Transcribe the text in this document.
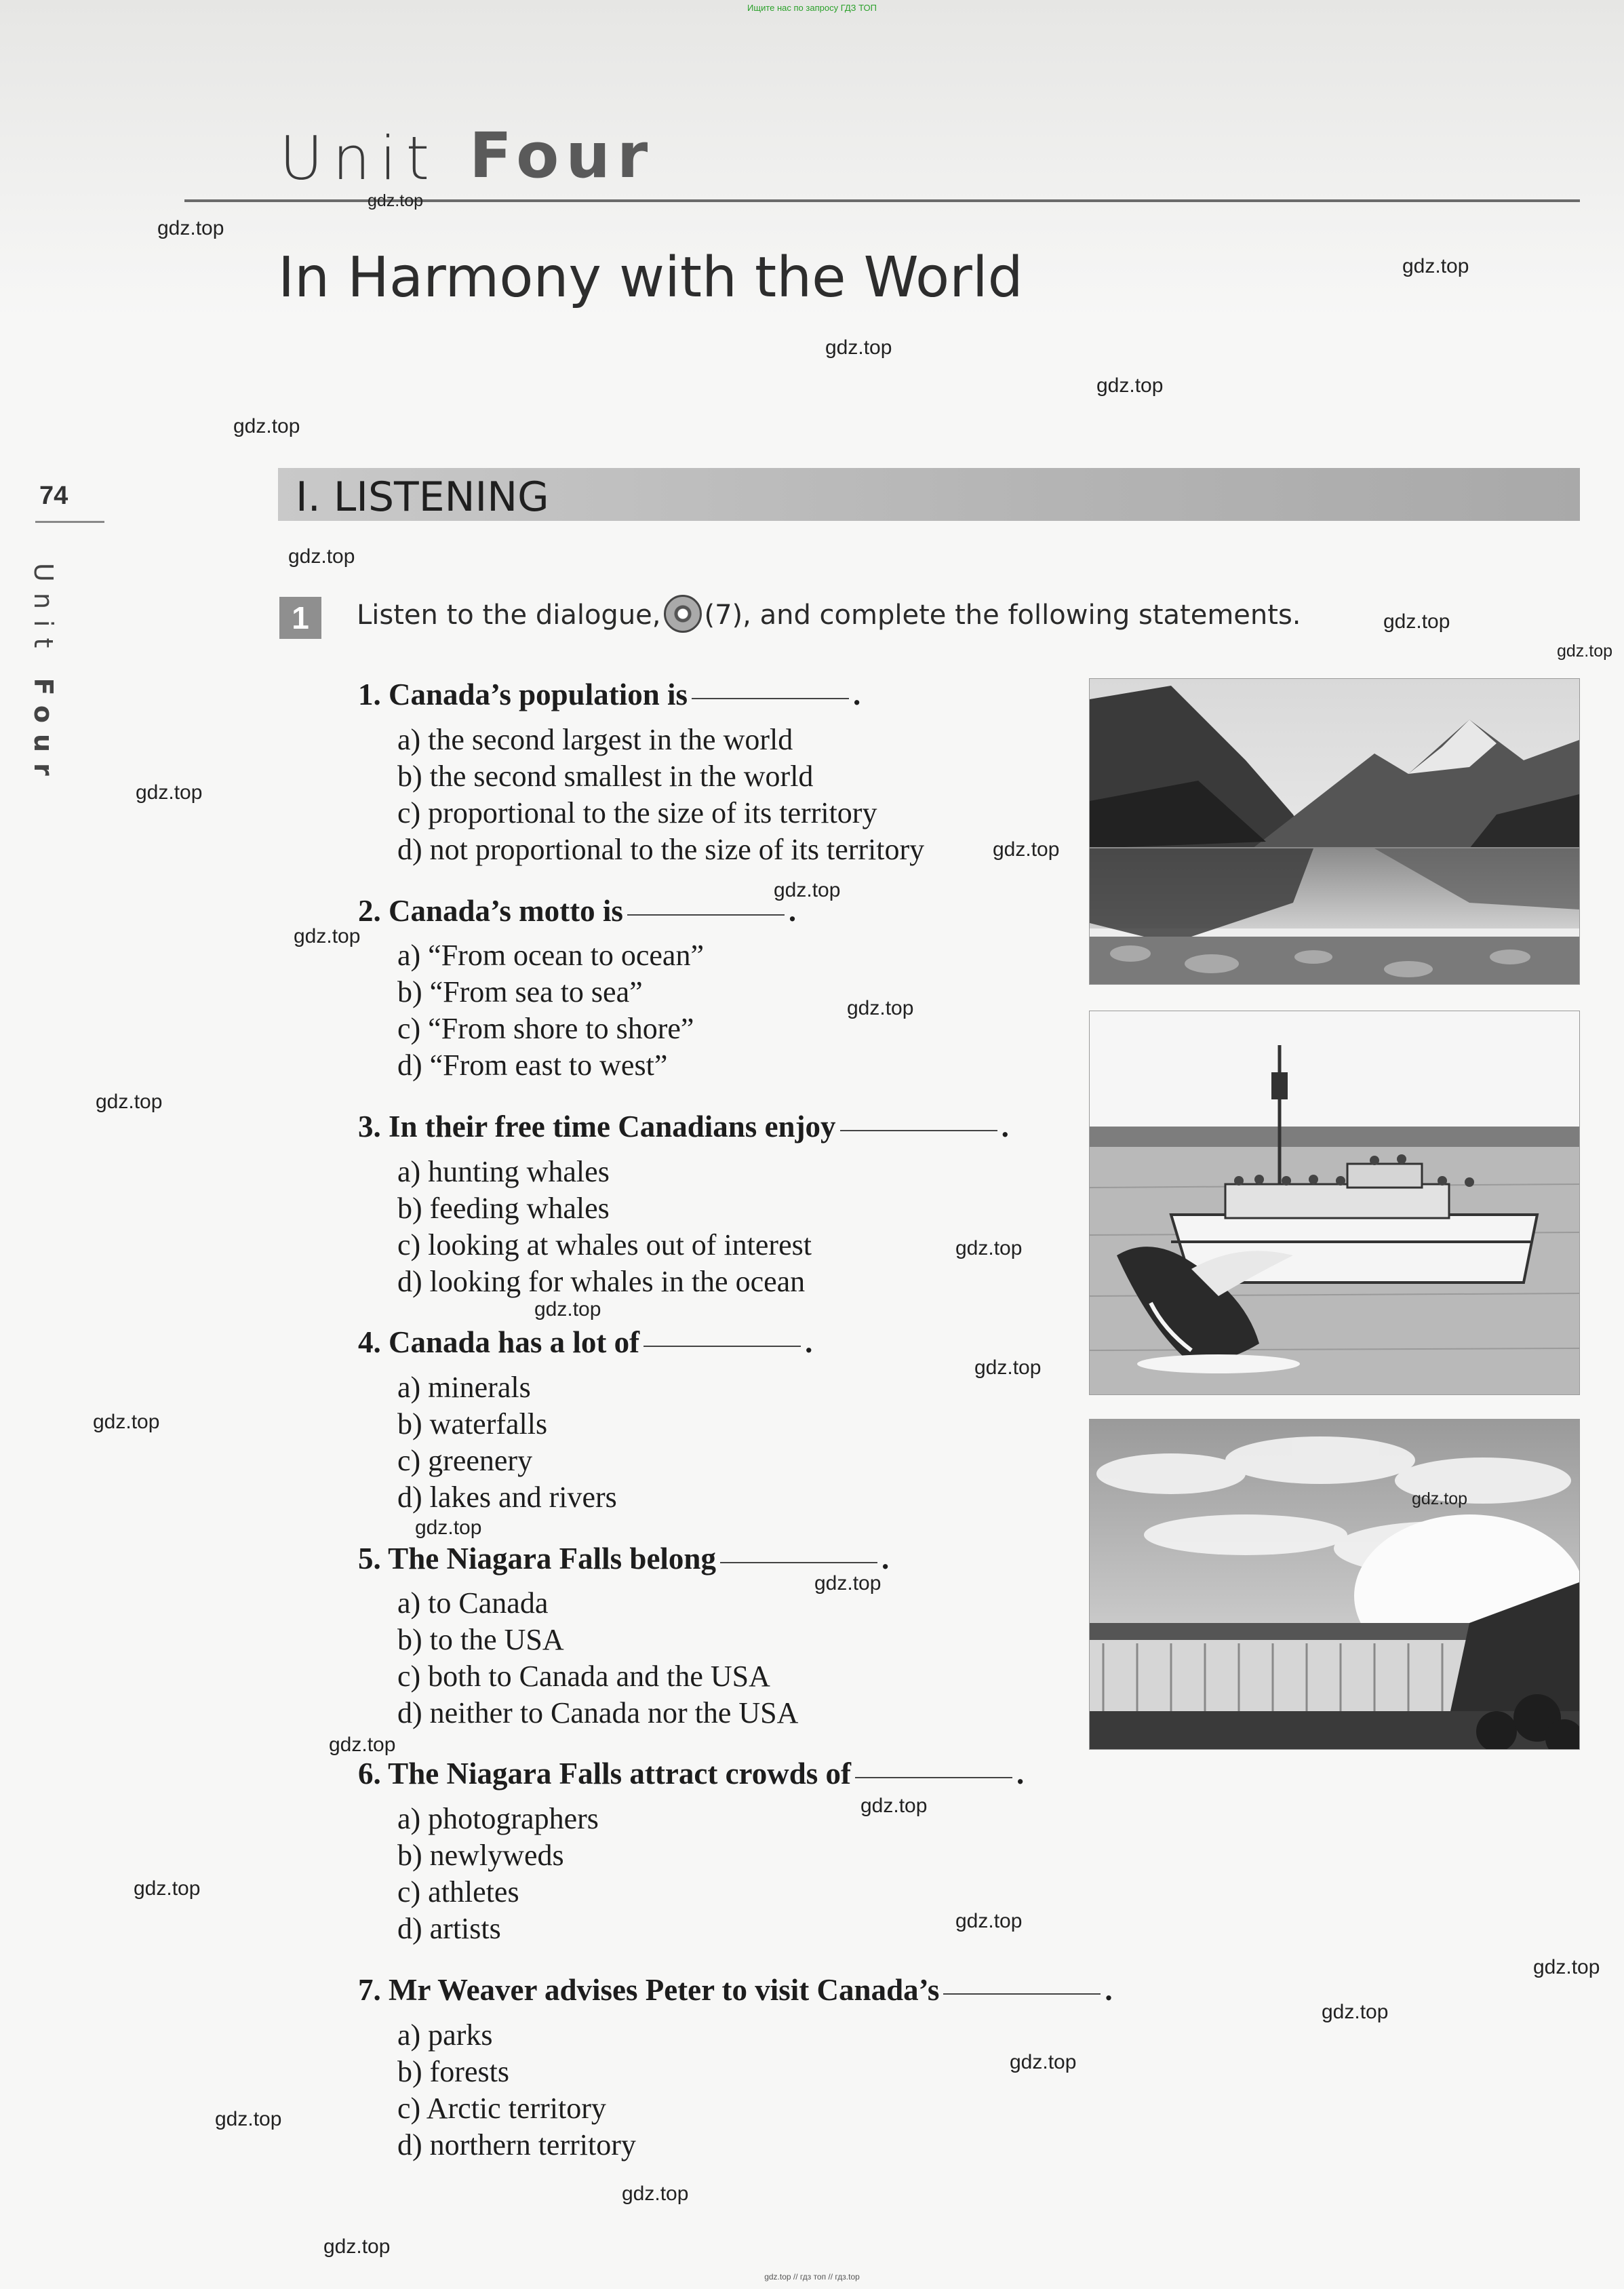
Ищите нас по запросу ГДЗ ТОП
Unit Four
In Harmony with the World
74
Unit Four
I. LISTENING
1	Listen to the dialogue, (7), and complete the following statements.
1. Canada’s population is	.
a) the second largest in the world
b) the second smallest in the world
c) proportional to the size of its territory
d) not proportional to the size of its territory
2. Canada’s motto is	.
a) “From ocean to ocean”
b) “From sea to sea”
c) “From shore to shore”
d) “From east to west”
3. In their free time Canadians enjoy	.
a) hunting whales
b) feeding whales
c) looking at whales out of interest
d) looking for whales in the ocean
4. Canada has a lot of	.
a) minerals
b) waterfalls
c) greenery
d) lakes and rivers
5. The Niagara Falls belong	.
a) to Canada
b) to the USA
c) both to Canada and the USA
d) neither to Canada nor the USA
6. The Niagara Falls attract crowds of	.
a) photographers
b) newlyweds
c) athletes
d) artists
7. Mr Weaver advises Peter to visit Canada’s	.
a) parks
b) forests
c) Arctic territory
d) northern territory
gdz.top
gdz.top
gdz.top
gdz.top
gdz.top
gdz.top
gdz.top
gdz.top
gdz.top
gdz.top
gdz.top
gdz.top
gdz.top
gdz.top
gdz.top
gdz.top
gdz.top
gdz.top
gdz.top
gdz.top
gdz.top
gdz.top
gdz.top
gdz.top
gdz.top
gdz.top
gdz.top
gdz.top
gdz.top
gdz.top
gdz.top
gdz.top
gdz.top // гдз топ // гдз.top
